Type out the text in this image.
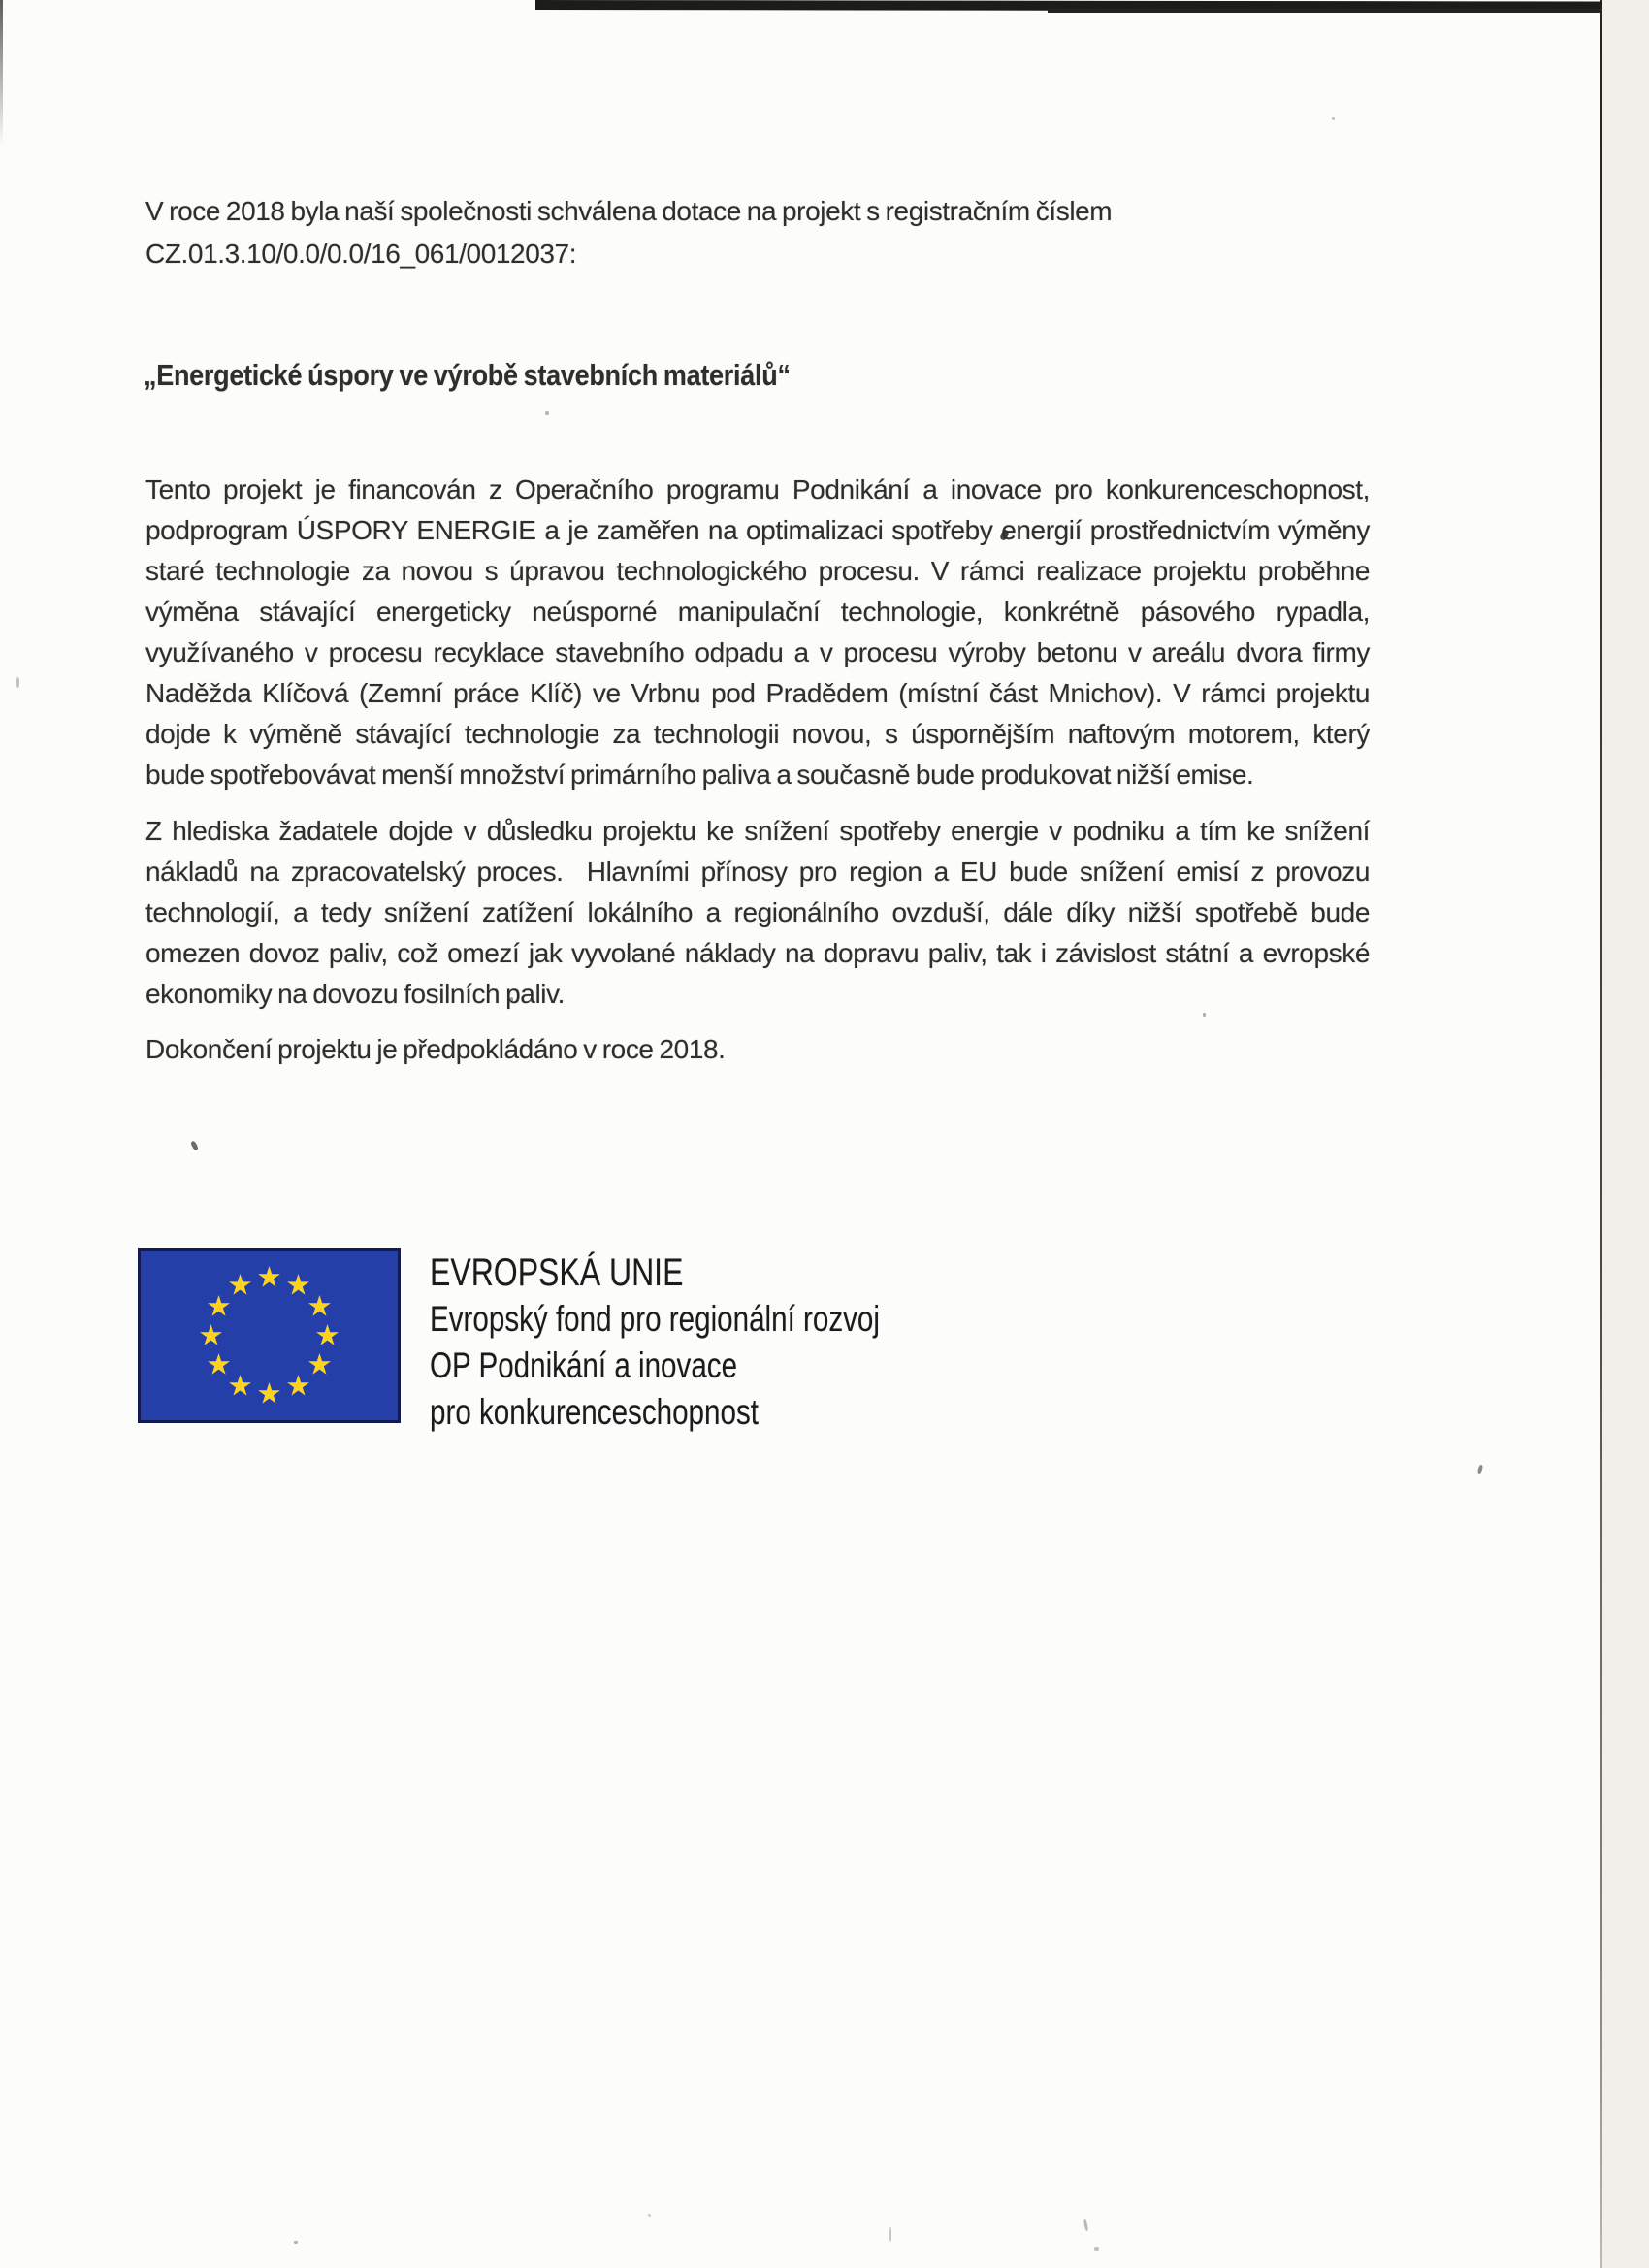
V roce 2018 byla naší společnosti schválena dotace na projekt s registračním číslem
CZ.01.3.10/0.0/0.0/16_061/0012037:
„Energetické úspory ve výrobě stavebních materiálů“
Tento projekt je financován z Operačního programu Podnikání a inovace pro konkurenceschopnost,
podprogram ÚSPORY ENERGIE a je zaměřen na optimalizaci spotřeby energií prostřednictvím výměny
staré technologie za novou s úpravou technologického procesu. V rámci realizace projektu proběhne
výměna stávající energeticky neúsporné manipulační technologie, konkrétně pásového rypadla,
využívaného v procesu recyklace stavebního odpadu a v procesu výroby betonu v areálu dvora firmy
Naděžda Klíčová (Zemní práce Klíč) ve Vrbnu pod Pradědem (místní část Mnichov). V rámci projektu
dojde k výměně stávající technologie za technologii novou, s úspornějším naftovým motorem, který
bude spotřebovávat menší množství primárního paliva a současně bude produkovat nižší emise.
Z hlediska žadatele dojde v důsledku projektu ke snížení spotřeby energie v podniku a tím ke snížení
nákladů na zpracovatelský proces.  Hlavními přínosy pro region a EU bude snížení emisí z provozu
technologií, a tedy snížení zatížení lokálního a regionálního ovzduší, dále díky nižší spotřebě bude
omezen dovoz paliv, což omezí jak vyvolané náklady na dopravu paliv, tak i závislost státní a evropské
ekonomiky na dovozu fosilních paliv.
Dokončení projektu je předpokládáno v roce 2018.
EVROPSKÁ UNIE
Evropský fond pro regionální rozvoj
OP Podnikání a inovace
pro konkurenceschopnost
